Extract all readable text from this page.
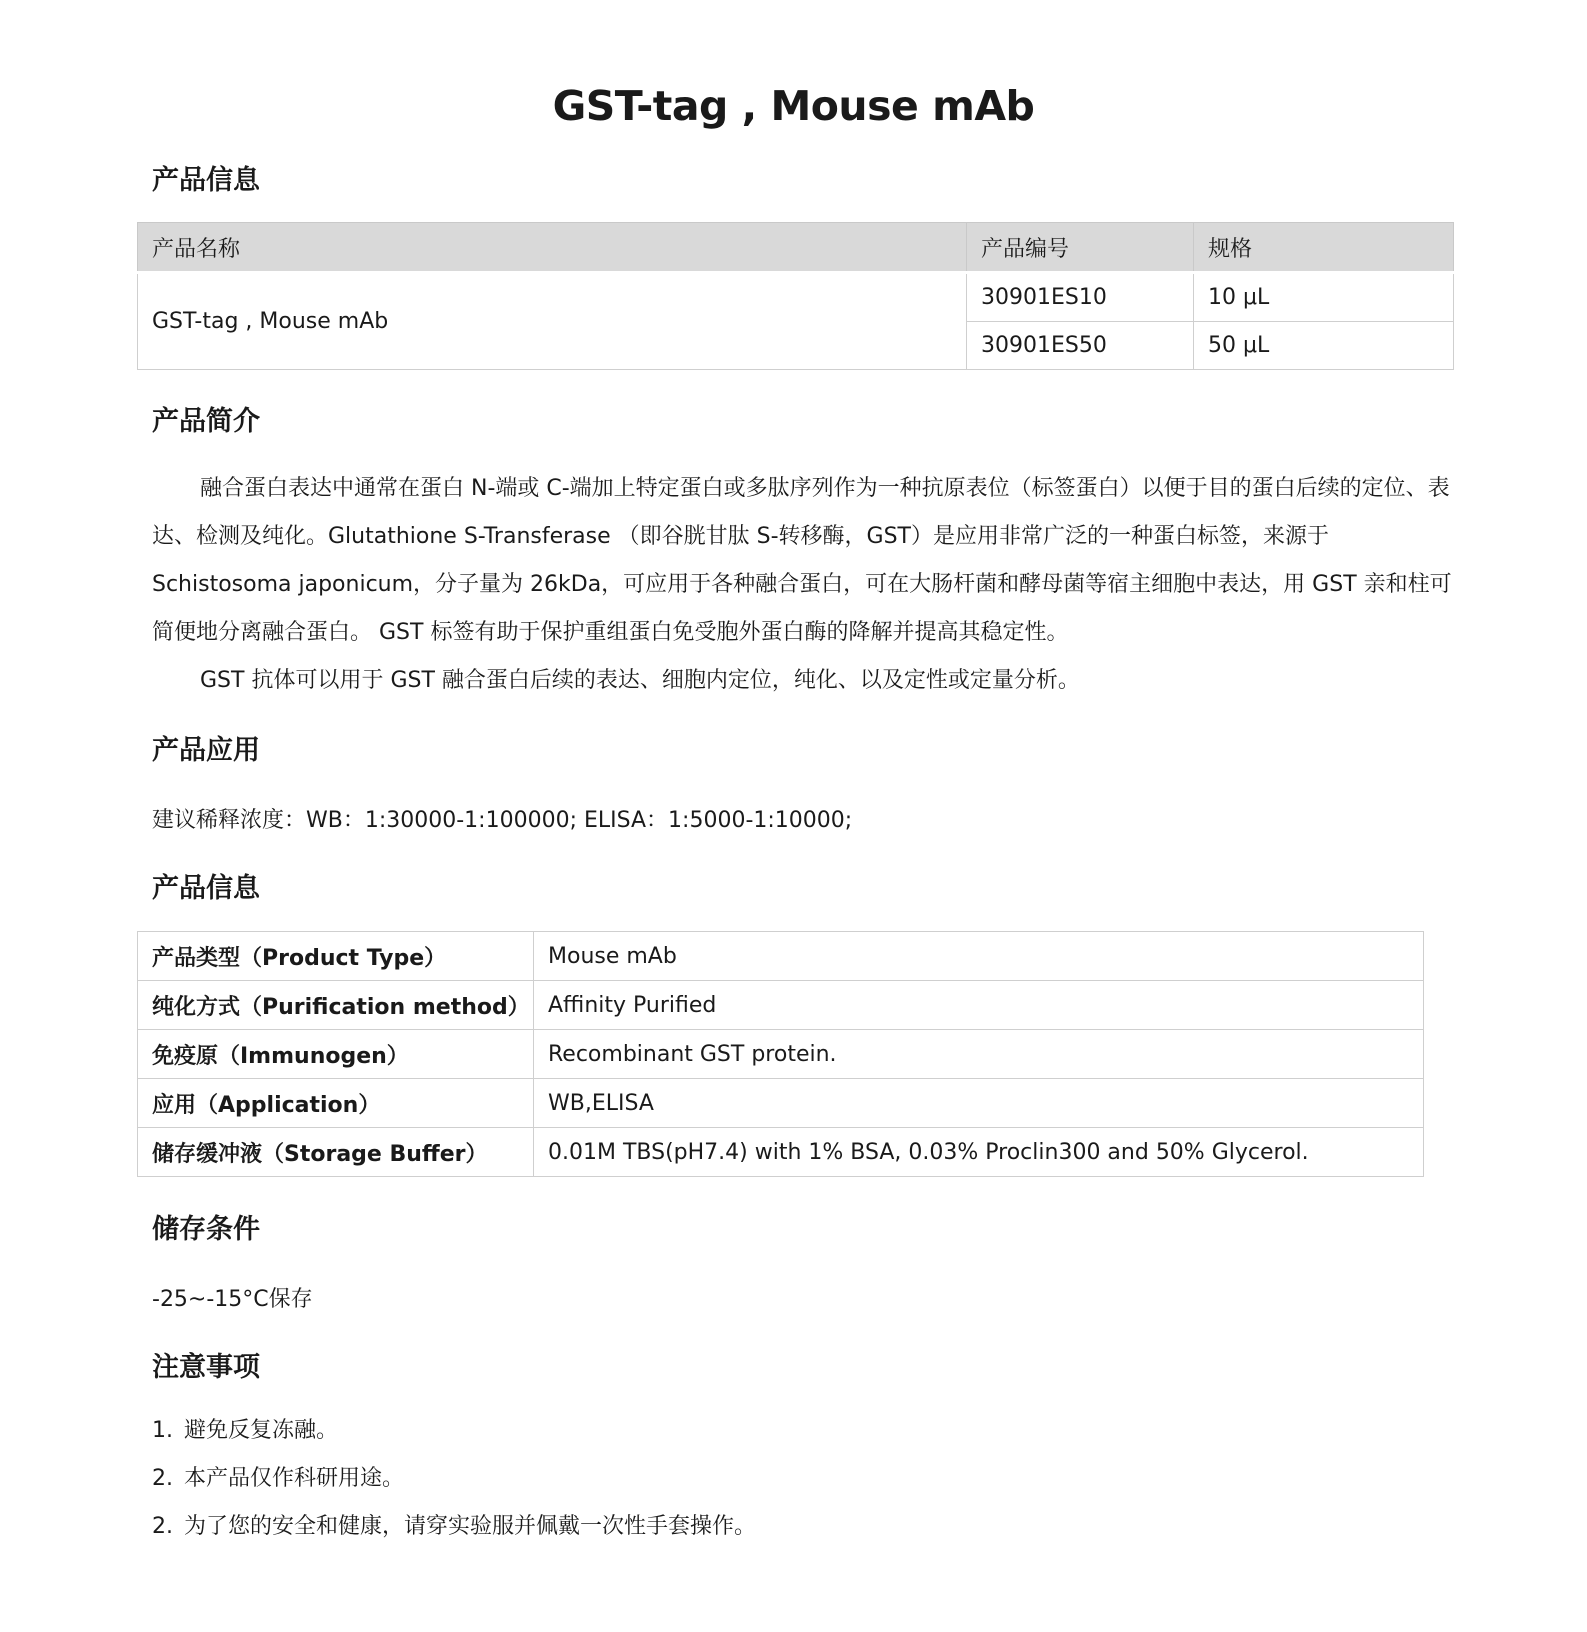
GST-tag , Mouse mAb
产品信息
产品名称	产品编号	规格
GST-tag , Mouse mAb	30901ES10	10 μL
	30901ES50	50 μL
产品简介
融合蛋白表达中通常在蛋白 N-端或 C-端加上特定蛋白或多肽序列作为一种抗原表位（标签蛋白）以便于目的蛋白后续的定位、表达、检测及纯化。Glutathione S-Transferase （即谷胱甘肽 S-转移酶，GST）是应用非常广泛的一种蛋白标签，来源于 Schistosoma japonicum，分子量为 26kDa，可应用于各种融合蛋白，可在大肠杆菌和酵母菌等宿主细胞中表达，用 GST 亲和柱可简便地分离融合蛋白。 GST 标签有助于保护重组蛋白免受胞外蛋白酶的降解并提高其稳定性。
GST 抗体可以用于 GST 融合蛋白后续的表达、细胞内定位，纯化、以及定性或定量分析。
产品应用
建议稀释浓度：WB：1:30000-1:100000; ELISA：1:5000-1:10000;
产品信息
产品类型（Product Type）	Mouse mAb
纯化方式（Purification method）	Affinity Purified
免疫原（Immunogen）	Recombinant GST protein.
应用（Application）	WB,ELISA
储存缓冲液（Storage Buffer）	0.01M TBS(pH7.4) with 1% BSA, 0.03% Proclin300 and 50% Glycerol.
储存条件
-25~-15°C保存
注意事项
1. 避免反复冻融。
2. 本产品仅作科研用途。
2. 为了您的安全和健康，请穿实验服并佩戴一次性手套操作。
